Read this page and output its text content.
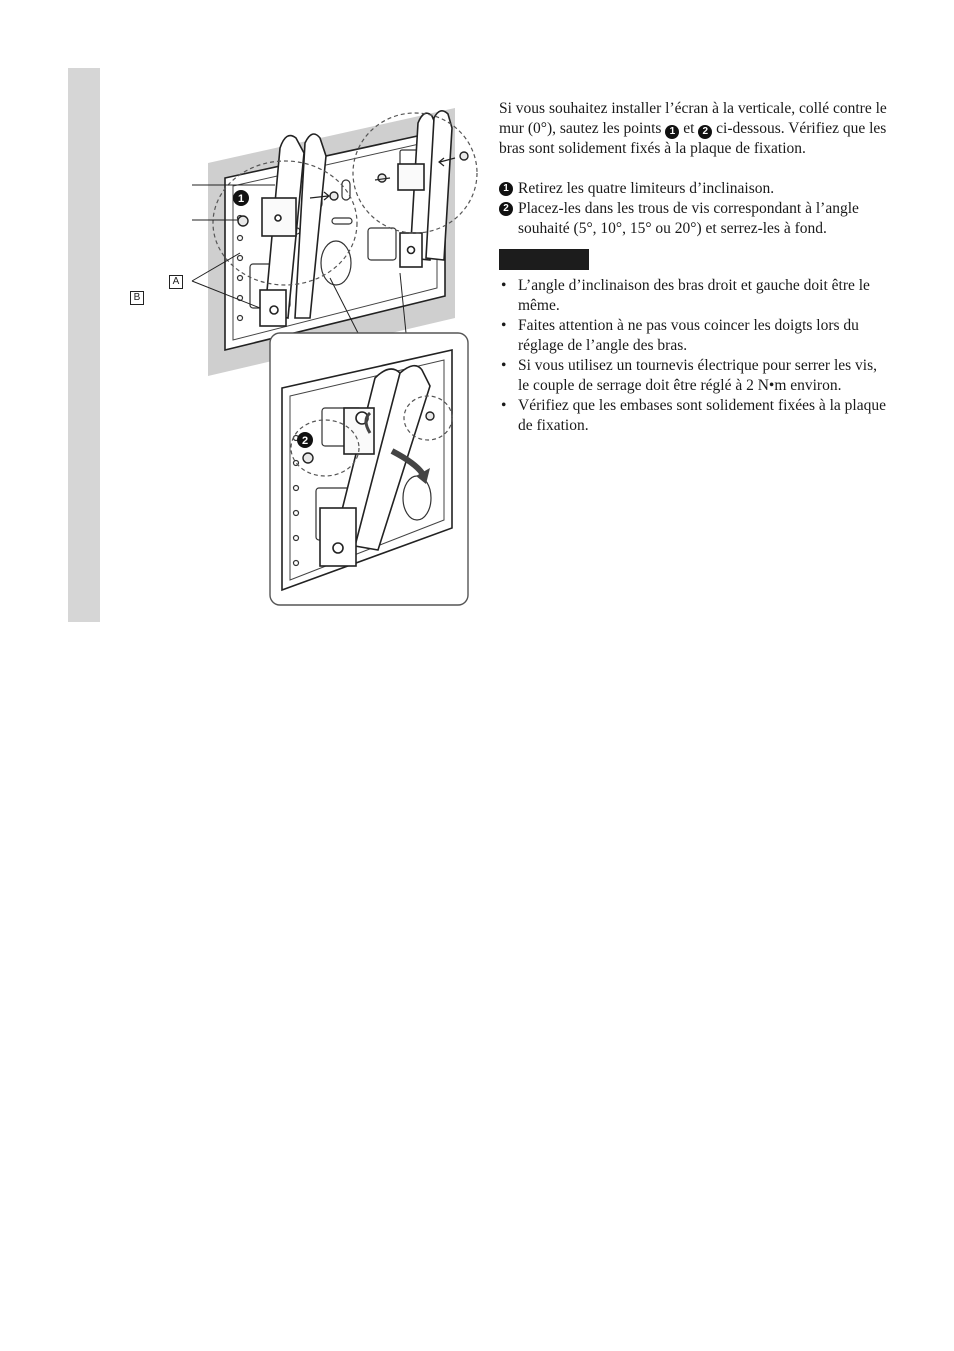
1
2
A
B

Si vous souhaitez installer l’écran à la verticale, collé contre le mur (0°), sautez les points 1 et 2 ci-dessous. Vérifiez que les bras sont solidement fixés à la plaque de fixation.

1 Retirez les quatre limiteurs d’inclinaison.
2 Placez-les dans les trous de vis correspondant à l’angle souhaité (5°, 10°, 15° ou 20°) et serrez-les à fond.
• L’angle d’inclinaison des bras droit et gauche doit être le même.
• Faites attention à ne pas vous coincer les doigts lors du réglage de l’angle des bras.
• Si vous utilisez un tournevis électrique pour serrer les vis, le couple de serrage doit être réglé à 2 N•m environ.
• Vérifiez que les embases sont solidement fixées à la plaque de fixation.
